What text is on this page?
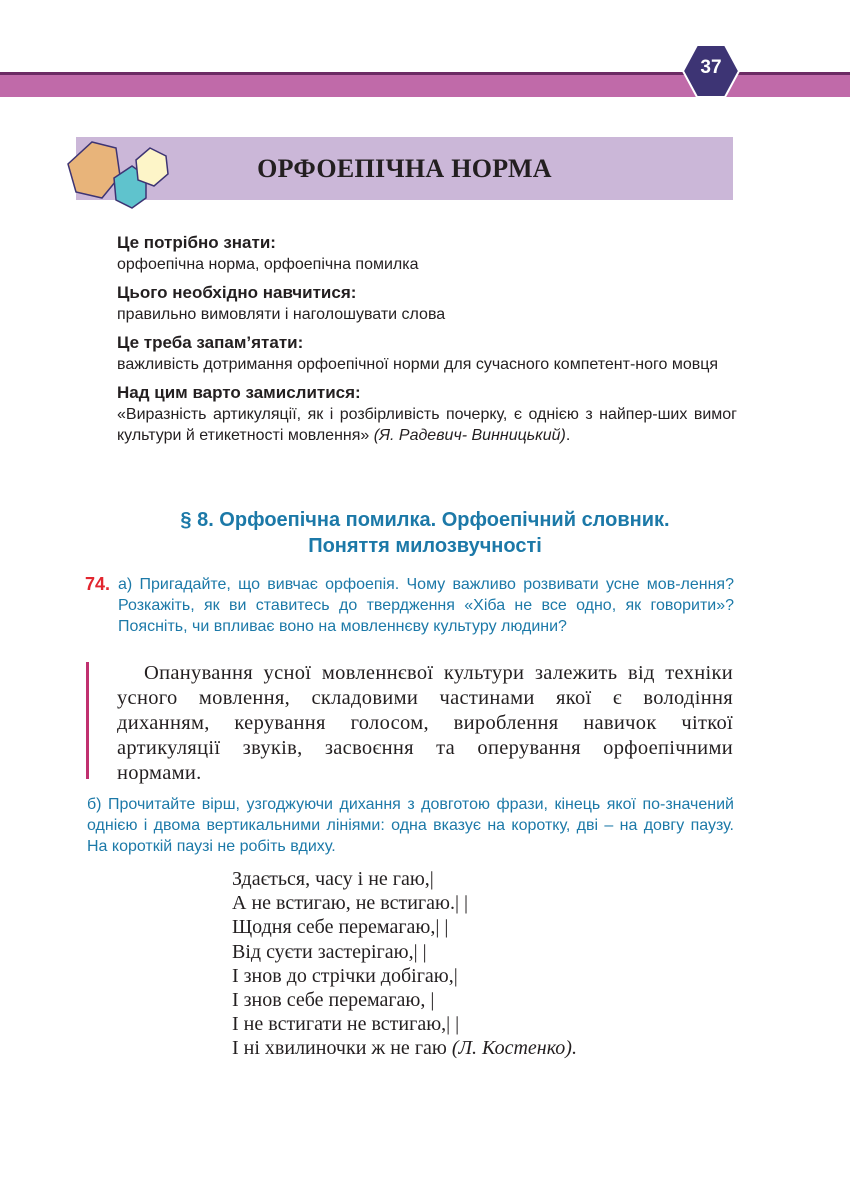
37
ОРФОЕПІЧНА НОРМА
Це потрібно знати:
орфоепічна норма, орфоепічна помилка
Цього необхідно навчитися:
правильно вимовляти і наголошувати слова
Це треба запам’ятати:
важливість дотримання орфоепічної норми для сучасного компетент-ного мовця
Над цим варто замислитися:
«Виразність артикуляції, як і розбірливість почерку, є однією з найпер-ших вимог культури й етикетності мовлення» (Я. Радевич- Винницький).
§ 8. Орфоепічна помилка. Орфоепічний словник.
Поняття милозвучності
74. а) Пригадайте, що вивчає орфоепія. Чому важливо розвивати усне мов-лення? Розкажіть, як ви ставитесь до твердження «Хіба не все одно, як говорити»? Поясніть, чи впливає воно на мовленнєву культуру людини?
Опанування усної мовленнєвої культури залежить від техніки усного мовлення, складовими частинами якої є володіння диханням, керування голосом, вироблення навичок чіткої артикуляції звуків, засвоєння та оперування орфоепічними нормами.
б) Прочитайте вірш, узгоджуючи дихання з довготою фрази, кінець якої по-значений однією і двома вертикальними лініями: одна вказує на коротку, дві – на довгу паузу. На короткій паузі не робіть вдиху.
Здається, часу і не гаю,|
А не встигаю, не встигаю.| |
Щодня себе перемагаю,| |
Від суєти застерігаю,| |
І знов до стрічки добігаю,|
І знов себе перемагаю, |
І не встигати не встигаю,| |
І ні хвилиночки ж не гаю (Л. Костенко).
